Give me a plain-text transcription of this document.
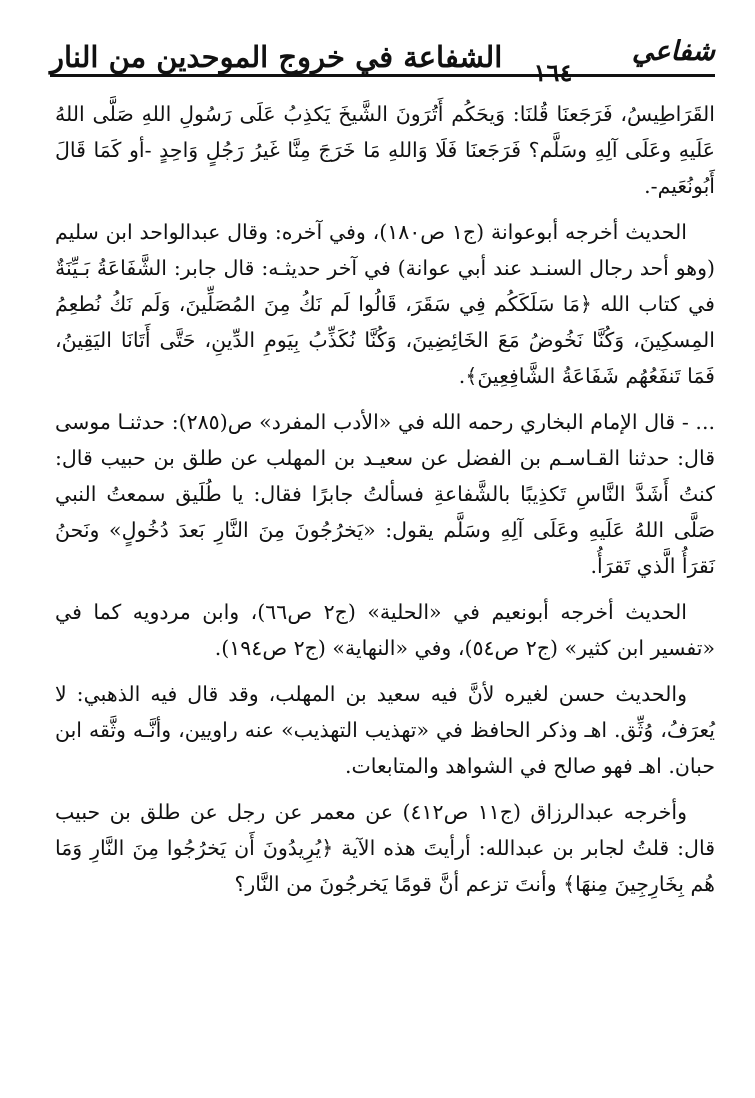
الشفاعة في خروج الموحدين من النار	شفاعي
١٦٤

القَرَاطِيسُ، فَرَجَعنَا قُلنَا: وَيحَكُم أَتُرَونَ الشَّيخَ يَكذِبُ عَلَى رَسُولِ اللهِ صَلَّى اللهُ عَلَيهِ وعَلَى آلِهِ وسَلَّم؟ فَرَجَعنَا فَلَا وَاللهِ مَا خَرَجَ مِنَّا غَيرُ رَجُلٍ وَاحِدٍ -أو كَمَا قَالَ أَبُونُعَيم-.

الحديث أخرجه أبوعوانة (ج١ ص١٨٠)، وفي آخره: وقال عبدالواحد ابن سليم (وهو أحد رجال السنـد عند أبي عوانة) في آخر حديثـه: قال جابر: الشَّفَاعَةُ بَـيِّنَةٌ في كتاب الله ﴿مَا سَلَكَكُم فِي سَقَرَ، قَالُوا لَم نَكُ مِنَ المُصَلِّينَ، وَلَم نَكُ نُطعِمُ المِسكِينَ، وَكُنَّا نَخُوضُ مَعَ الخَائِضِينَ، وَكُنَّا نُكَذِّبُ بِيَومِ الدِّينِ، حَتَّى أَتَانَا اليَقِينُ، فَمَا تَنفَعُهُم شَفَاعَةُ الشَّافِعِينَ﴾.

... - قال الإمام البخاري رحمه الله في «الأدب المفرد» ص(٢٨٥): حدثنـا موسى قال: حدثنا القـاسـم بن الفضل عن سعيـد بن المهلب عن طلق بن حبيب قال: كنتُ أَشَدَّ النَّاسِ تَكذِيبًا بالشَّفاعةِ فسألتُ جابرًا فقال: يا طُلَيق سمعتُ النبي صَلَّى اللهُ عَلَيهِ وعَلَى آلِهِ وسَلَّم يقول: «يَخرُجُونَ مِنَ النَّارِ بَعدَ دُخُولٍ» ونَحنُ نَقرَأُ الَّذي تَقرَأُ.

الحديث أخرجه أبونعيم في «الحلية» (ج٢ ص٦٦)، وابن مردويه كما في «تفسير ابن كثير» (ج٢ ص٥٤)، وفي «النهاية» (ج٢ ص١٩٤).

والحديث حسن لغيره لأنَّ فيه سعيد بن المهلب، وقد قال فيه الذهبي: لا يُعرَفُ، وُثِّق. اهـ وذكر الحافظ في «تهذيب التهذيب» عنه راويين، وأنَّـه وثَّقه ابن حبان. اهـ فهو صالح في الشواهد والمتابعات.

وأخرجه عبدالرزاق (ج١١ ص٤١٢) عن معمر عن رجل عن طلق بن حبيب قال: قلتُ لجابر بن عبدالله: أرأيتَ هذه الآية ﴿يُرِيدُونَ أَن يَخرُجُوا مِنَ النَّارِ وَمَا هُم بِخَارِجِينَ مِنهَا﴾ وأنتَ تزعم أنَّ قومًا يَخرجُونَ من النَّار؟
